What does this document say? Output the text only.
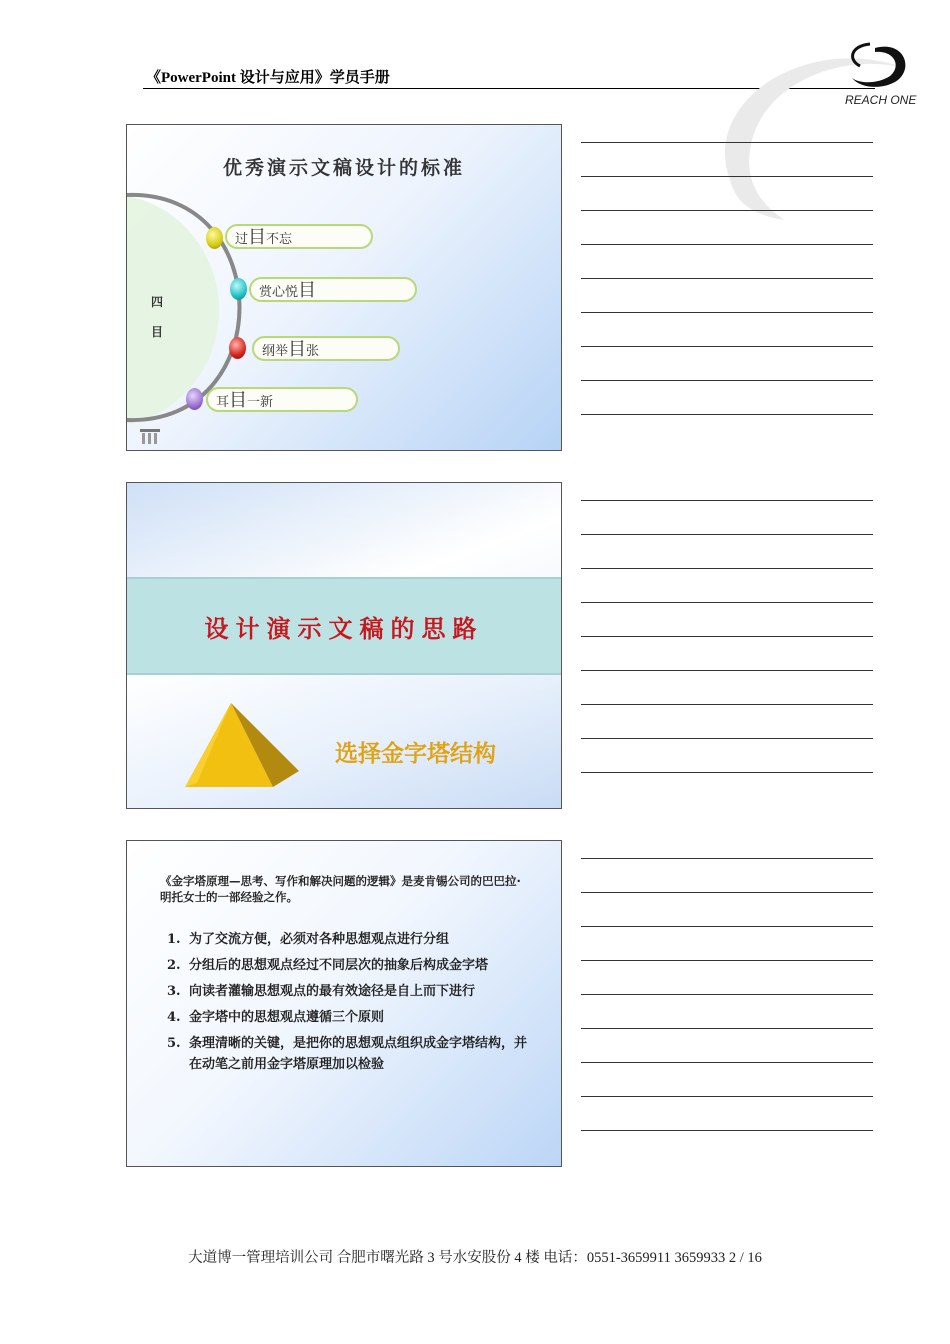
《PowerPoint 设计与应用》学员手册
REACH ONE
优秀演示文稿设计的标准
四
目
过目不忘
赏心悦目
纲举目张
耳目一新
设计演示文稿的思路
选择金字塔结构
《金字塔原理—思考、写作和解决问题的逻辑》是麦肯锡公司的巴巴拉·明托女士的一部经验之作。
1. 为了交流方便，必须对各种思想观点进行分组
2. 分组后的思想观点经过不同层次的抽象后构成金字塔
3. 向读者灌输思想观点的最有效途径是自上而下进行
4. 金字塔中的思想观点遵循三个原则
5. 条理清晰的关键，是把你的思想观点组织成金字塔结构，并在动笔之前用金字塔原理加以检验
大道博一管理培训公司 合肥市曙光路 3 号水安股份 4 楼 电话：0551-3659911 3659933 2 / 16
